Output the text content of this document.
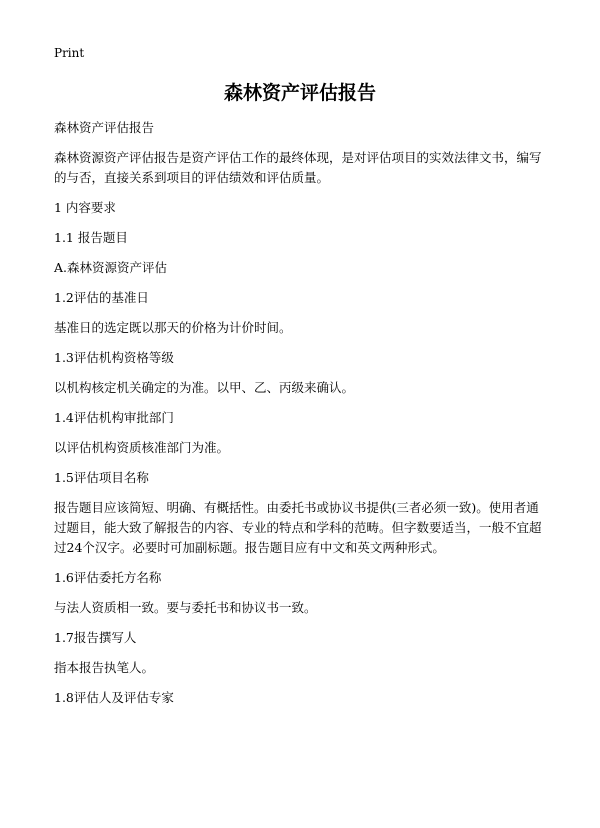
Print
森林资产评估报告

森林资产评估报告

森林资源资产评估报告是资产评估工作的最终体现，是对评估项目的实效法律文书，编写的与否，直接关系到项目的评估绩效和评估质量。

1 内容要求

1.1 报告题目

A.森林资源资产评估

1.2评估的基准日

基准日的选定既以那天的价格为计价时间。

1.3评估机构资格等级

以机构核定机关确定的为准。以甲、乙、丙级来确认。

1.4评估机构审批部门

以评估机构资质核准部门为准。

1.5评估项目名称

报告题目应该简短、明确、有概括性。由委托书或协议书提供(三者必须一致)。使用者通过题目，能大致了解报告的内容、专业的特点和学科的范畴。但字数要适当，一般不宜超过24个汉字。必要时可加副标题。报告题目应有中文和英文两种形式。

1.6评估委托方名称

与法人资质相一致。要与委托书和协议书一致。

1.7报告撰写人

指本报告执笔人。

1.8评估人及评估专家
